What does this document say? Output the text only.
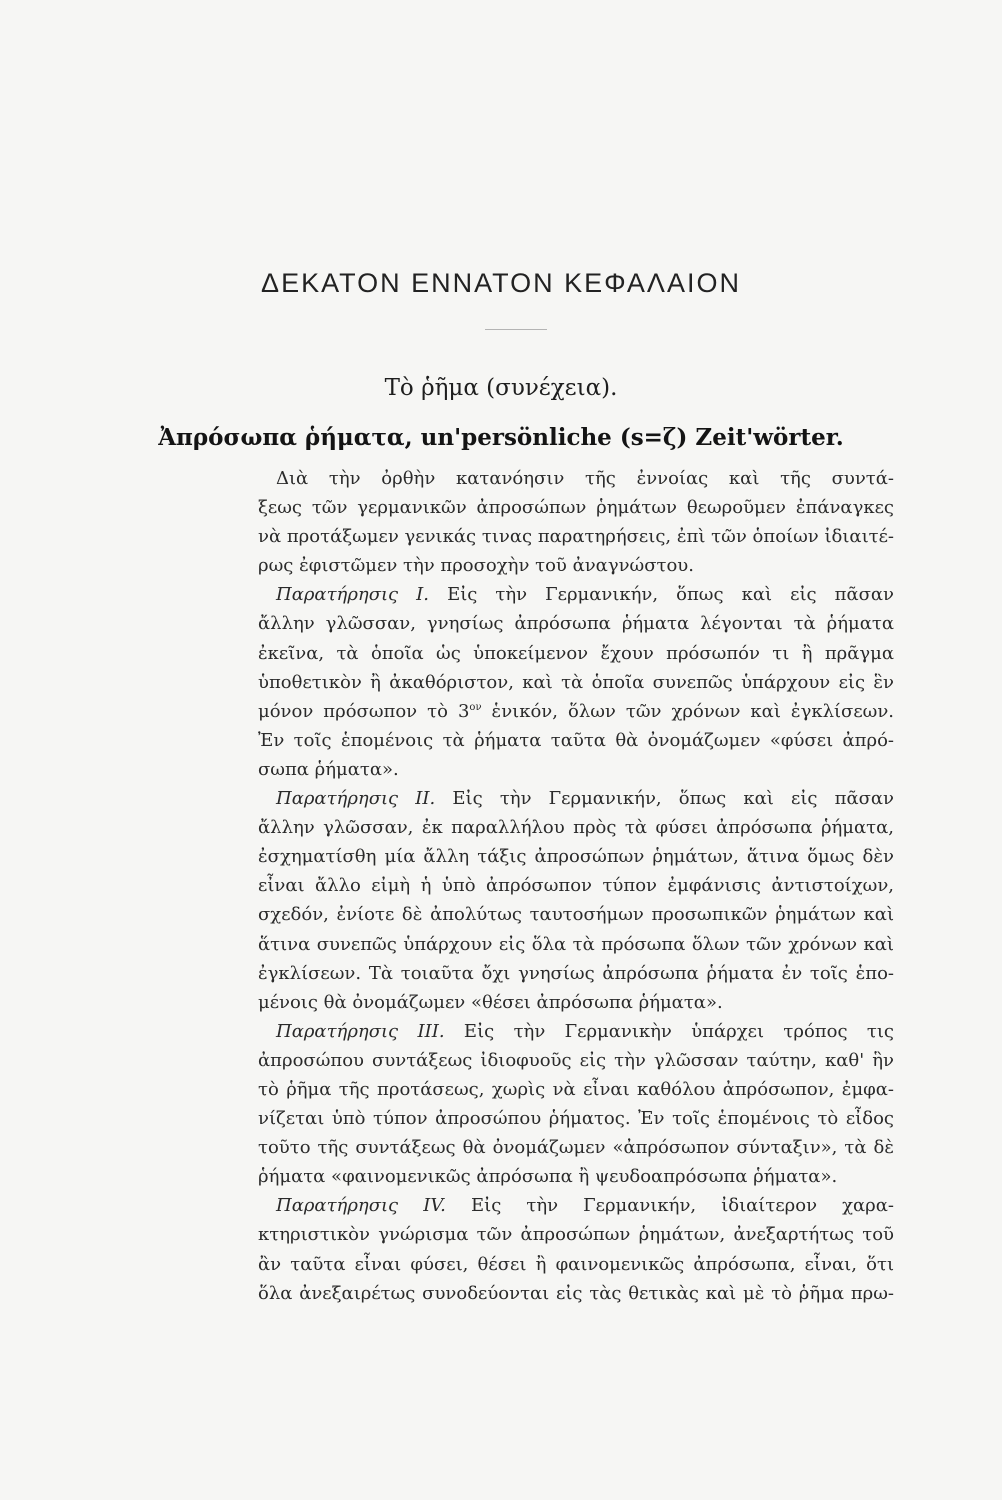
ΔΕΚΑΤΟΝ ΕΝΝΑΤΟΝ ΚΕΦΑΛΑΙΟΝ
Τὸ ῥῆμα (συνέχεια).
Ἀπρόσωπα ῥήματα, un'persönliche (s=ζ) Zeit'wörter.
Διὰ τὴν ὀρθὴν κατανόησιν τῆς ἐννοίας καὶ τῆς συντά-
ξεως τῶν γερμανικῶν ἀπροσώπων ῥημάτων θεωροῦμεν ἐπάναγκες
νὰ προτάξωμεν γενικάς τινας παρατηρήσεις, ἐπὶ τῶν ὁποίων ἰδιαιτέ-
ρως ἐφιστῶμεν τὴν προσοχὴν τοῦ ἀναγνώστου.
Παρατήρησις Ι. Εἰς τὴν Γερμανικήν, ὅπως καὶ εἰς πᾶσαν
ἄλλην γλῶσσαν, γνησίως ἀπρόσωπα ῥήματα λέγονται τὰ ῥήματα
ἐκεῖνα, τὰ ὁποῖα ὡς ὑποκείμενον ἔχουν πρόσωπόν τι ἢ πρᾶγμα
ὑποθετικὸν ἢ ἀκαθόριστον, καὶ τὰ ὁποῖα συνεπῶς ὑπάρχουν εἰς ἓν
μόνον πρόσωπον τὸ $3^{o\nu}$ ἑνικόν, ὅλων τῶν χρόνων καὶ ἐγκλίσεων.
Ἐν τοῖς ἑπομένοις τὰ ῥήματα ταῦτα θὰ ὀνομάζωμεν «φύσει ἀπρό-
σωπα ῥήματα».
Παρατήρησις ΙΙ. Εἰς τὴν Γερμανικήν, ὅπως καὶ εἰς πᾶσαν
ἄλλην γλῶσσαν, ἐκ παραλλήλου πρὸς τὰ φύσει ἀπρόσωπα ῥήματα,
ἐσχηματίσθη μία ἄλλη τάξις ἀπροσώπων ῥημάτων, ἅτινα ὅμως δὲν
εἶναι ἄλλο εἰμὴ ἡ ὑπὸ ἀπρόσωπον τύπον ἐμφάνισις ἀντιστοίχων,
σχεδόν, ἐνίοτε δὲ ἀπολύτως ταυτοσήμων προσωπικῶν ῥημάτων καὶ
ἅτινα συνεπῶς ὑπάρχουν εἰς ὅλα τὰ πρόσωπα ὅλων τῶν χρόνων καὶ
ἐγκλίσεων. Τὰ τοιαῦτα ὄχι γνησίως ἀπρόσωπα ῥήματα ἐν τοῖς ἑπο-
μένοις θὰ ὀνομάζωμεν «θέσει ἀπρόσωπα ῥήματα».
Παρατήρησις ΙΙΙ. Εἰς τὴν Γερμανικὴν ὑπάρχει τρόπος τις
ἀπροσώπου συντάξεως ἰδιοφυοῦς εἰς τὴν γλῶσσαν ταύτην, καθ' ἣν
τὸ ῥῆμα τῆς προτάσεως, χωρὶς νὰ εἶναι καθόλου ἀπρόσωπον, ἐμφα-
νίζεται ὑπὸ τύπον ἀπροσώπου ῥήματος. Ἐν τοῖς ἑπομένοις τὸ εἶδος
τοῦτο τῆς συντάξεως θὰ ὀνομάζωμεν «ἀπρόσωπον σύνταξιν», τὰ δὲ
ῥήματα «φαινομενικῶς ἀπρόσωπα ἢ ψευδοαπρόσωπα ῥήματα».
Παρατήρησις IV. Εἰς τὴν Γερμανικήν, ἰδιαίτερον χαρα-
κτηριστικὸν γνώρισμα τῶν ἀπροσώπων ῥημάτων, ἀνεξαρτήτως τοῦ
ἂν ταῦτα εἶναι φύσει, θέσει ἢ φαινομενικῶς ἀπρόσωπα, εἶναι, ὅτι
ὅλα ἀνεξαιρέτως συνοδεύονται εἰς τὰς θετικὰς καὶ μὲ τὸ ῥῆμα πρω-
